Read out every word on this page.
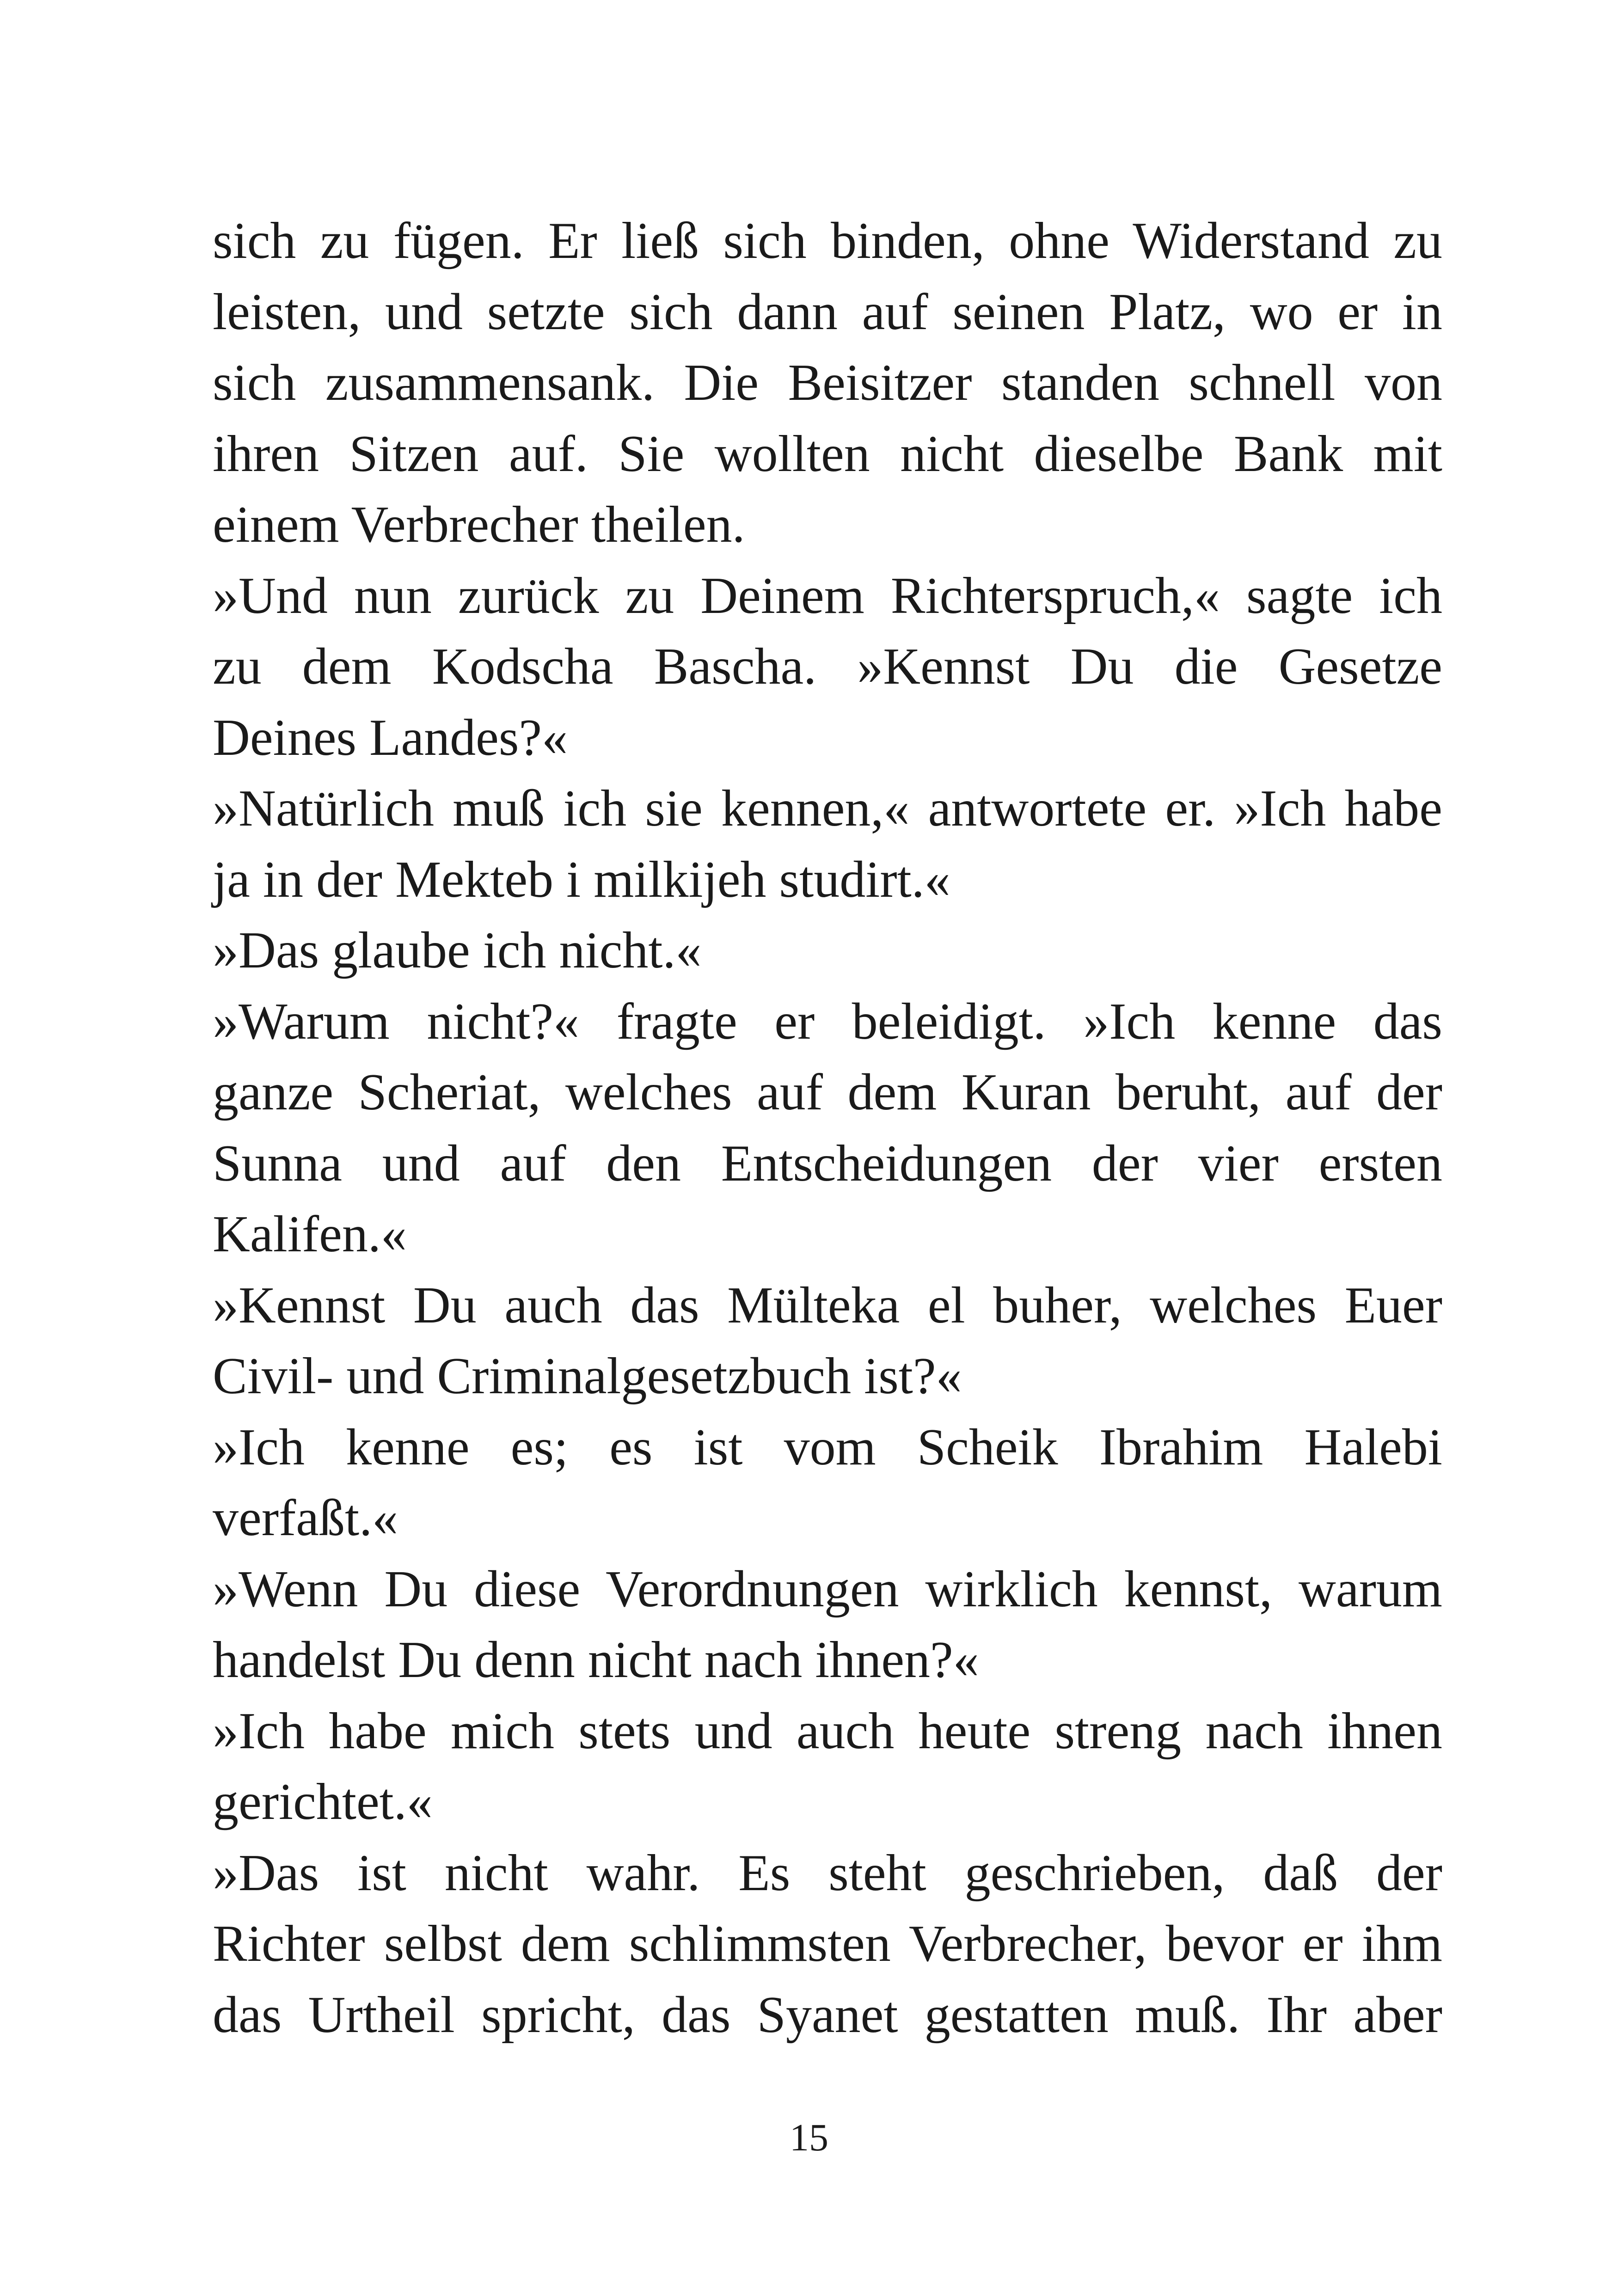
sich zu fügen. Er ließ sich binden, ohne Widerstand zu
leisten, und setzte sich dann auf seinen Platz, wo er in
sich zusammensank. Die Beisitzer standen schnell von
ihren Sitzen auf. Sie wollten nicht dieselbe Bank mit
einem Verbrecher theilen.
»Und nun zurück zu Deinem Richterspruch,« sagte ich
zu dem Kodscha Bascha. »Kennst Du die Gesetze
Deines Landes?«
»Natürlich muß ich sie kennen,« antwortete er. »Ich habe
ja in der Mekteb i milkijeh studirt.«
»Das glaube ich nicht.«
»Warum nicht?« fragte er beleidigt. »Ich kenne das
ganze Scheriat, welches auf dem Kuran beruht, auf der
Sunna und auf den Entscheidungen der vier ersten
Kalifen.«
»Kennst Du auch das Mülteka el buher, welches Euer
Civil- und Criminalgesetzbuch ist?«
»Ich kenne es; es ist vom Scheik Ibrahim Halebi
verfaßt.«
»Wenn Du diese Verordnungen wirklich kennst, warum
handelst Du denn nicht nach ihnen?«
»Ich habe mich stets und auch heute streng nach ihnen
gerichtet.«
»Das ist nicht wahr. Es steht geschrieben, daß der
Richter selbst dem schlimmsten Verbrecher, bevor er ihm
das Urtheil spricht, das Syanet gestatten muß. Ihr aber
15
